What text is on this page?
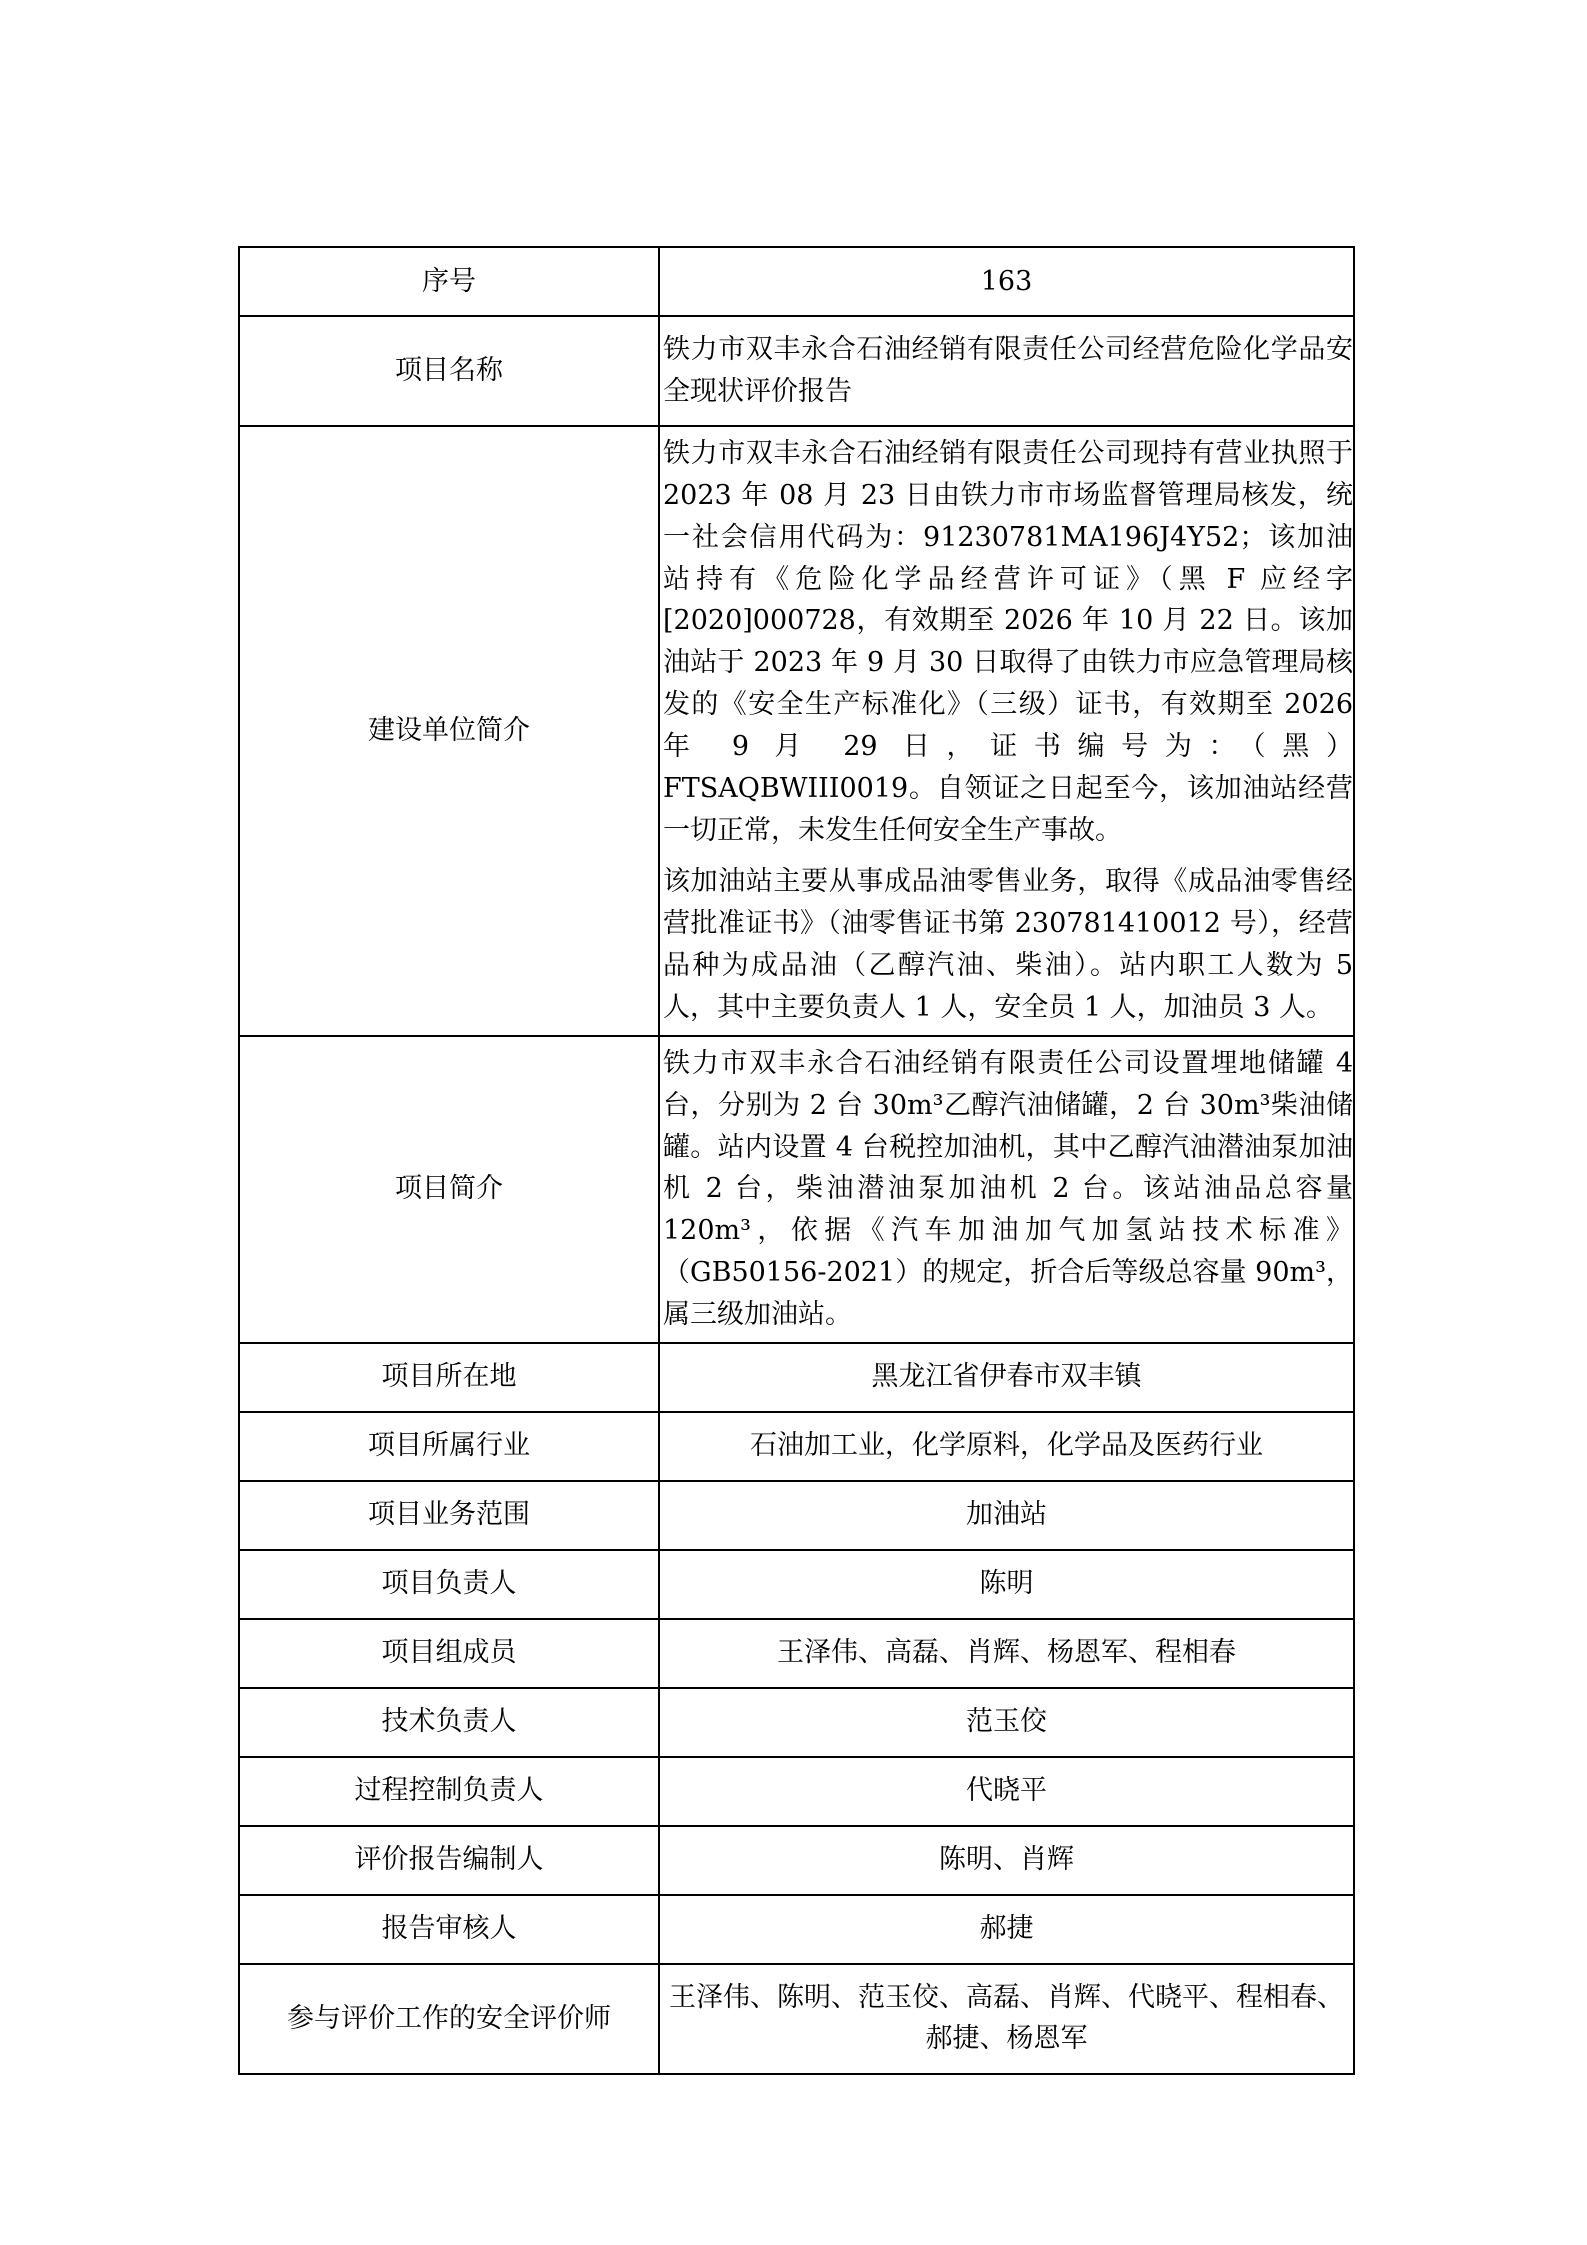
序号	163
项目名称	铁力市双丰永合石油经销有限责任公司经营危险化学品安全现状评价报告
建设单位简介	铁力市双丰永合石油经销有限责任公司现持有营业执照于 2023 年 08 月 23 日由铁力市市场监督管理局核发，统一社会信用代码为：91230781MA196J4Y52；该加油站持有《危险化学品经营许可证》（黑 F 应经字[2020]000728，有效期至 2026 年 10 月 22 日。该加油站于 2023 年 9 月 30 日取得了由铁力市应急管理局核发的《安全生产标准化》（三级）证书，有效期至 2026 年 9 月 29 日，证书编号为：（黑）FTSAQBWIII0019。自领证之日起至今，该加油站经营一切正常，未发生任何安全生产事故。

该加油站主要从事成品油零售业务，取得《成品油零售经营批准证书》（油零售证书第 230781410012 号），经营品种为成品油（乙醇汽油、柴油）。站内职工人数为 5 人，其中主要负责人 1 人，安全员 1 人，加油员 3 人。

项目简介	铁力市双丰永合石油经销有限责任公司设置埋地储罐 4 台，分别为 2 台 30m³乙醇汽油储罐，2 台 30m³柴油储罐。站内设置 4 台税控加油机，其中乙醇汽油潜油泵加油机 2 台，柴油潜油泵加油机 2 台。该站油品总容量 120m³，依据《汽车加油加气加氢站技术标准》（GB50156-2021）的规定，折合后等级总容量 90m³，属三级加油站。

项目所在地	黑龙江省伊春市双丰镇
项目所属行业	石油加工业，化学原料，化学品及医药行业
项目业务范围	加油站
项目负责人	陈明
项目组成员	王泽伟、高磊、肖辉、杨恩军、程相春
技术负责人	范玉佼
过程控制负责人	代晓平
评价报告编制人	陈明、肖辉
报告审核人	郝捷
参与评价工作的安全评价师	王泽伟、陈明、范玉佼、高磊、肖辉、代晓平、程相春、郝捷、杨恩军
